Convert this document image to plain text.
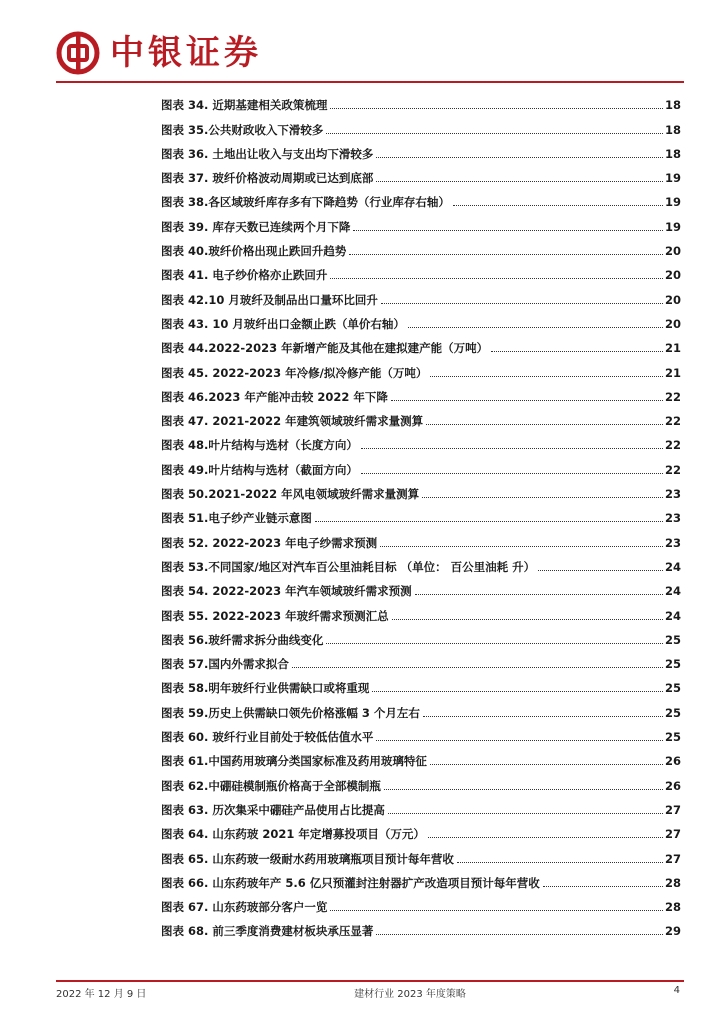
中银证券
图表 34. 近期基建相关政策梳理	18
图表 35.公共财政收入下滑较多	18
图表 36. 土地出让收入与支出均下滑较多	18
图表 37. 玻纤价格波动周期或已达到底部	19
图表 38.各区域玻纤库存多有下降趋势（行业库存右轴）	19
图表 39. 库存天数已连续两个月下降	19
图表 40.玻纤价格出现止跌回升趋势	20
图表 41. 电子纱价格亦止跌回升	20
图表 42.10 月玻纤及制品出口量环比回升	20
图表 43. 10 月玻纤出口金额止跌（单价右轴）	20
图表 44.2022-2023 年新增产能及其他在建拟建产能（万吨）	21
图表 45. 2022-2023 年冷修/拟冷修产能（万吨）	21
图表 46.2023 年产能冲击较 2022 年下降	22
图表 47. 2021-2022 年建筑领域玻纤需求量测算	22
图表 48.叶片结构与选材（长度方向）	22
图表 49.叶片结构与选材（截面方向）	22
图表 50.2021-2022 年风电领域玻纤需求量测算	23
图表 51.电子纱产业链示意图	23
图表 52. 2022-2023 年电子纱需求预测	23
图表 53.不同国家/地区对汽车百公里油耗目标 （单位： 百公里油耗 升）	24
图表 54. 2022-2023 年汽车领域玻纤需求预测	24
图表 55. 2022-2023 年玻纤需求预测汇总	24
图表 56.玻纤需求拆分曲线变化	25
图表 57.国内外需求拟合	25
图表 58.明年玻纤行业供需缺口或将重现	25
图表 59.历史上供需缺口领先价格涨幅 3 个月左右	25
图表 60. 玻纤行业目前处于较低估值水平	25
图表 61.中国药用玻璃分类国家标准及药用玻璃特征	26
图表 62.中硼硅模制瓶价格高于全部模制瓶	26
图表 63. 历次集采中硼硅产品使用占比提高	27
图表 64. 山东药玻 2021 年定增募投项目（万元）	27
图表 65. 山东药玻一级耐水药用玻璃瓶项目预计每年营收	27
图表 66. 山东药玻年产 5.6 亿只预灌封注射器扩产改造项目预计每年营收	28
图表 67. 山东药玻部分客户一览	28
图表 68. 前三季度消费建材板块承压显著	29
2022 年 12 月 9 日	建材行业 2023 年度策略	4
